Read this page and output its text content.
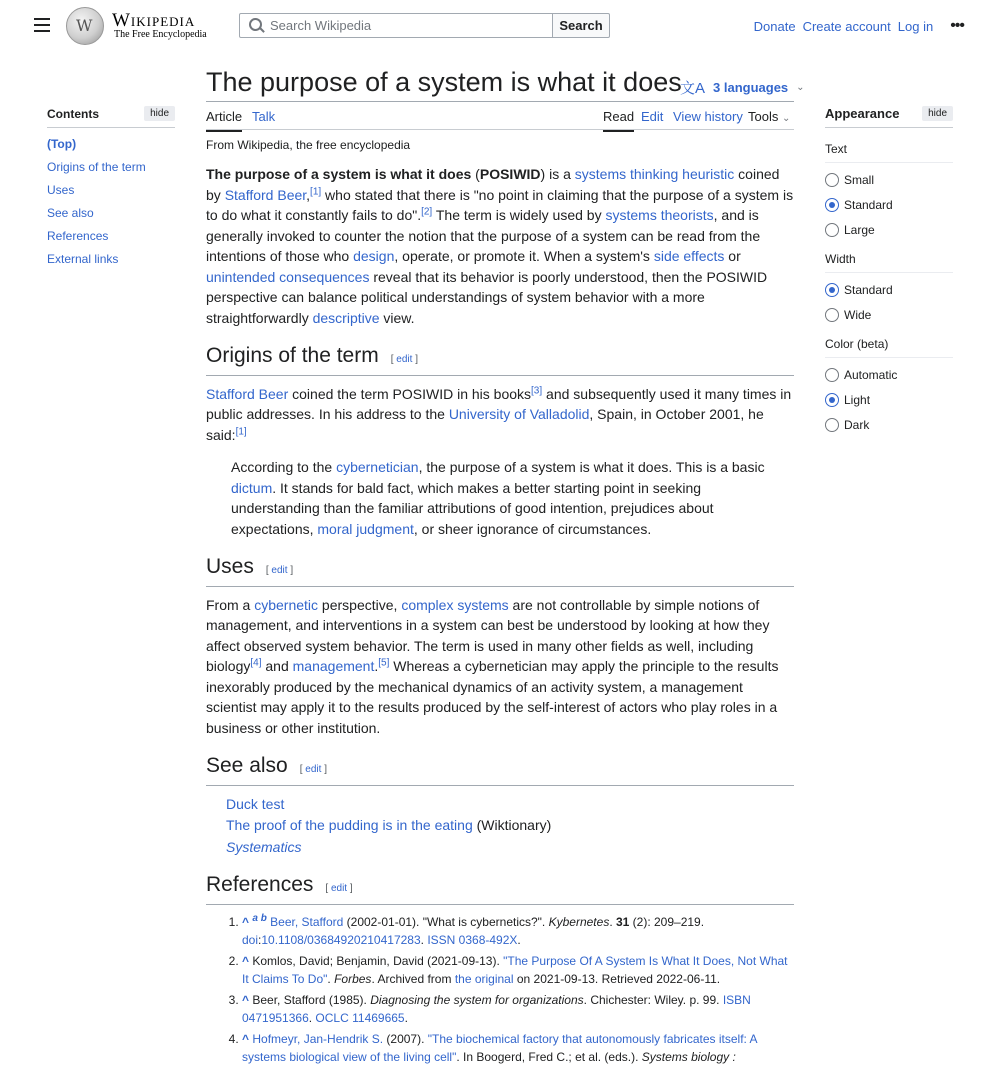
W
Wikipedia
The Free Encyclopedia
Search Wikipedia
Search	Donate Create account Log in •••
The purpose of a system is what it does
文A 3 languages ⌄
Article Talk	Read Edit View history Tools ⌄
From Wikipedia, the free encyclopedia
Contents	hide
(Top)
Origins of the term
Uses
See also
References
External links
Appearance	hide
Text
Small
Standard
Large
Width
Standard
Wide
Color (beta)
Automatic
Light
Dark

The purpose of a system is what it does (POSIWID) is a systems thinking heuristic coined by Stafford Beer,[1] who stated that there is "no point in claiming that the purpose of a system is to do what it constantly fails to do".[2] The term is widely used by systems theorists, and is generally invoked to counter the notion that the purpose of a system can be read from the intentions of those who design, operate, or promote it. When a system's side effects or unintended consequences reveal that its behavior is poorly understood, then the POSIWID perspective can balance political understandings of system behavior with a more straightforwardly descriptive view.

Origins of the term [ edit ]

Stafford Beer coined the term POSIWID in his books[3] and subsequently used it many times in public addresses. In his address to the University of Valladolid, Spain, in October 2001, he said:[1]

According to the cybernetician, the purpose of a system is what it does. This is a basic dictum. It stands for bald fact, which makes a better starting point in seeking understanding than the familiar attributions of good intention, prejudices about expectations, moral judgment, or sheer ignorance of circumstances.
Uses [ edit ]

From a cybernetic perspective, complex systems are not controllable by simple notions of management, and interventions in a system can best be understood by looking at how they affect observed system behavior. The term is used in many other fields as well, including biology[4] and management.[5] Whereas a cybernetician may apply the principle to the results inexorably produced by the mechanical dynamics of an activity system, a management scientist may apply it to the results produced by the self-interest of actors who play roles in a business or other institution.

See also [ edit ]
Duck test
The proof of the pudding is in the eating (Wiktionary)
Systematics
References [ edit ]
1. ^ $^{a b}$ Beer, Stafford (2002-01-01). "What is cybernetics?". Kybernetes. 31 (2): 209–219. doi:10.1108/03684920210417283. ISSN 0368-492X.
2. ^ Komlos, David; Benjamin, David (2021-09-13). "The Purpose Of A System Is What It Does, Not What It Claims To Do". Forbes. Archived from the original on 2021-09-13. Retrieved 2022-06-11.
3. ^ Beer, Stafford (1985). Diagnosing the system for organizations. Chichester: Wiley. p. 99. ISBN 0471951366. OCLC 11469665.
4. ^ Hofmeyr, Jan-Hendrik S. (2007). "The biochemical factory that autonomously fabricates itself: A systems biological view of the living cell". In Boogerd, Fred C.; et al. (eds.). Systems biology :
